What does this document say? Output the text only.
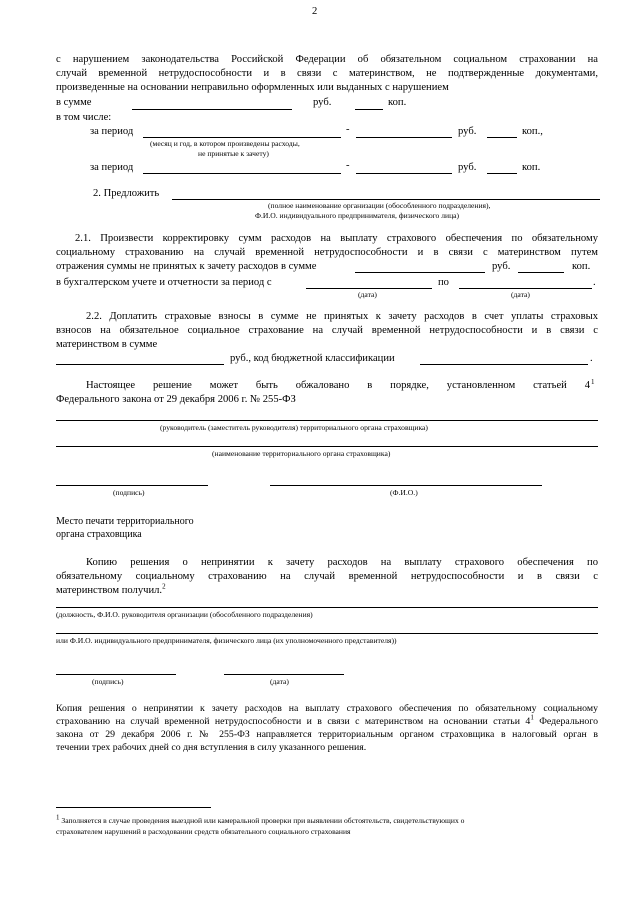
2
с нарушением законодательства Российской Федерации об обязательном социальном страховании на
случай временной нетрудоспособности и в связи с материнством, не подтвержденные документами,
произведенные на основании неправильно оформленных или выданных с нарушением
в сумме	руб.	коп.
в том числе:
за период	-	руб.	коп.,
(месяц и год, в котором произведены расходы,
не принятые к зачету)
за период	-	руб.	коп.
2. Предложить
(полное наименование организации (обособленного подразделения),
Ф.И.О. индивидуального предпринимателя, физического лица)
2.1. Произвести корректировку сумм расходов на выплату страхового обеспечения по обязательному
социальному страхованию на случай временной нетрудоспособности и в связи с материнством путем
отражения суммы не принятых к зачету расходов в сумме	руб.	коп.
в бухгалтерском учете и отчетности за период с	по	.
(дата)	(дата)
2.2. Доплатить страховые взносы в сумме не принятых к зачету расходов в счет уплаты страховых
взносов на обязательное социальное страхование на случай временной нетрудоспособности и в связи с
материнством в сумме
руб., код бюджетной классификации	.
Настоящее решение может быть обжаловано в порядке, установленном статьей 4 1
Федерального закона от 29 декабря 2006 г. № 255-ФЗ
(руководитель (заместитель руководителя) территориального органа страховщика)
(наименование территориального органа страховщика)
(подпись)	(Ф.И.О.)
Место печати территориального
органа страховщика
Копию решения о непринятии к зачету расходов на выплату страхового обеспечения по
обязательному социальному страхованию на случай временной нетрудоспособности и в связи с
материнством получил.$^2$
(должность, Ф.И.О. руководителя организации (обособленного подразделения)
или Ф.И.О. индивидуального предпринимателя, физического лица (их уполномоченного представителя))
(подпись)	(дата)
Копия решения о непринятии к зачету расходов на выплату страхового обеспечения по обязательному социальному
страхованию на случай временной нетрудоспособности и в связи с материнством на основании статьи $4^1$ Федерального
закона от 29 декабря 2006 г. № 255-ФЗ направляется территориальным органом страховщика в налоговый орган в
течении трех рабочих дней со дня вступления в силу указанного решения.
$^1$ Заполняется в случае проведения выездной или камеральной проверки при выявлении обстоятельств, свидетельствующих о
страхователем нарушений в расходовании средств обязательного социального страхования
